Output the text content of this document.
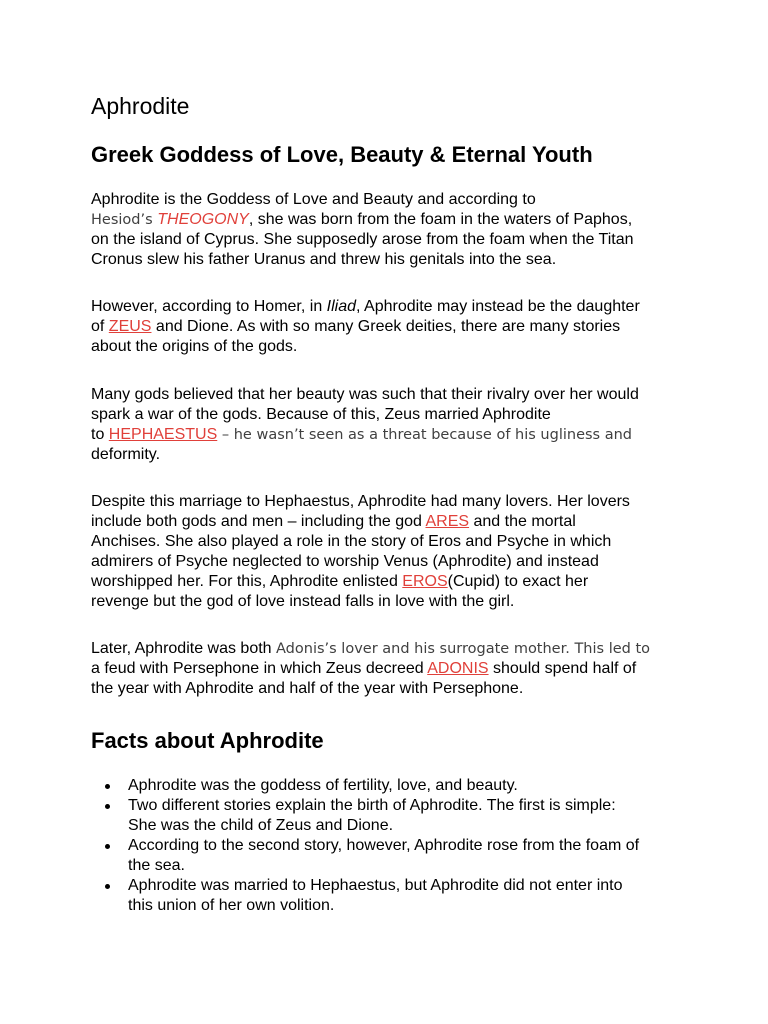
Aphrodite
Greek Goddess of Love, Beauty & Eternal Youth

Aphrodite is the Goddess of Love and Beauty and according to
Hesiod’s THEOGONY, she was born from the foam in the waters of Paphos,
on the island of Cyprus. She supposedly arose from the foam when the Titan
Cronus slew his father Uranus and threw his genitals into the sea.

However, according to Homer, in Iliad, Aphrodite may instead be the daughter
of ZEUS and Dione. As with so many Greek deities, there are many stories
about the origins of the gods.

Many gods believed that her beauty was such that their rivalry over her would
spark a war of the gods. Because of this, Zeus married Aphrodite
to HEPHAESTUS – he wasn’t seen as a threat because of his ugliness and
deformity.

Despite this marriage to Hephaestus, Aphrodite had many lovers. Her lovers
include both gods and men – including the god ARES and the mortal
Anchises. She also played a role in the story of Eros and Psyche in which
admirers of Psyche neglected to worship Venus (Aphrodite) and instead
worshipped her. For this, Aphrodite enlisted EROS(Cupid) to exact her
revenge but the god of love instead falls in love with the girl.

Later, Aphrodite was both Adonis’s lover and his surrogate mother. This led to
a feud with Persephone in which Zeus decreed ADONIS should spend half of
the year with Aphrodite and half of the year with Persephone.

Facts about Aphrodite
Aphrodite was the goddess of fertility, love, and beauty.
Two different stories explain the birth of Aphrodite. The first is simple:
She was the child of Zeus and Dione.
According to the second story, however, Aphrodite rose from the foam of
the sea.
Aphrodite was married to Hephaestus, but Aphrodite did not enter into
this union of her own volition.
